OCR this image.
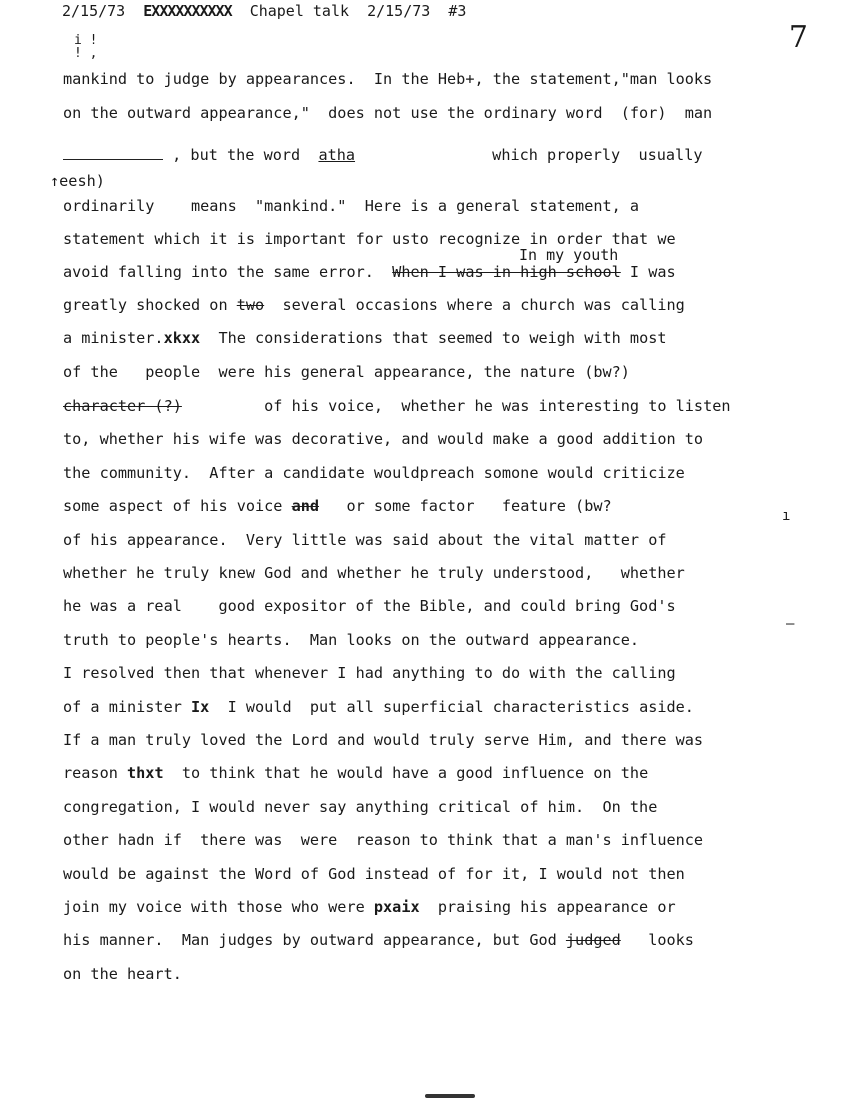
2/15/73 EXXXXXXXXXX Chapel talk 2/15/73 #3
7
i !
! ,
In my youth
mankind to judge by appearances.  In the Heb+, the statement,"man looks
on the outward appearance,"  does not use the ordinary word  (for)  man
, but the word  atha               which properly  usually
↑eesh)
ordinarily    means  "mankind."  Here is a general statement, a
statement which it is important for usto recognize in order that we
avoid falling into the same error.  When I was in high school I was
greatly shocked on two  several occasions where a church was calling
a minister.xkxx  The considerations that seemed to weigh with most
of the   people  were his general appearance, the nature (bw?)
character (?)         of his voice,  whether he was interesting to listen
to, whether his wife was decorative, and would make a good addition to
the community.  After a candidate wouldpreach somone would criticize
some aspect of his voice and   or some factor   feature (bw?
of his appearance.  Very little was said about the vital matter of
whether he truly knew God and whether he truly understood,   whether
he was a real    good expositor of the Bible, and could bring God's
truth to people's hearts.  Man looks on the outward appearance.
I resolved then that whenever I had anything to do with the calling
of a minister Ix  I would  put all superficial characteristics aside.
If a man truly loved the Lord and would truly serve Him, and there was
reason thxt  to think that he would have a good influence on the
congregation, I would never say anything critical of him.  On the
other hadn if  there was  were  reason to think that a man's influence
would be against the Word of God instead of for it, I would not then
join my voice with those who were pxaix  praising his appearance or
his manner.  Man judges by outward appearance, but God judged   looks
on the heart.
ı
–
